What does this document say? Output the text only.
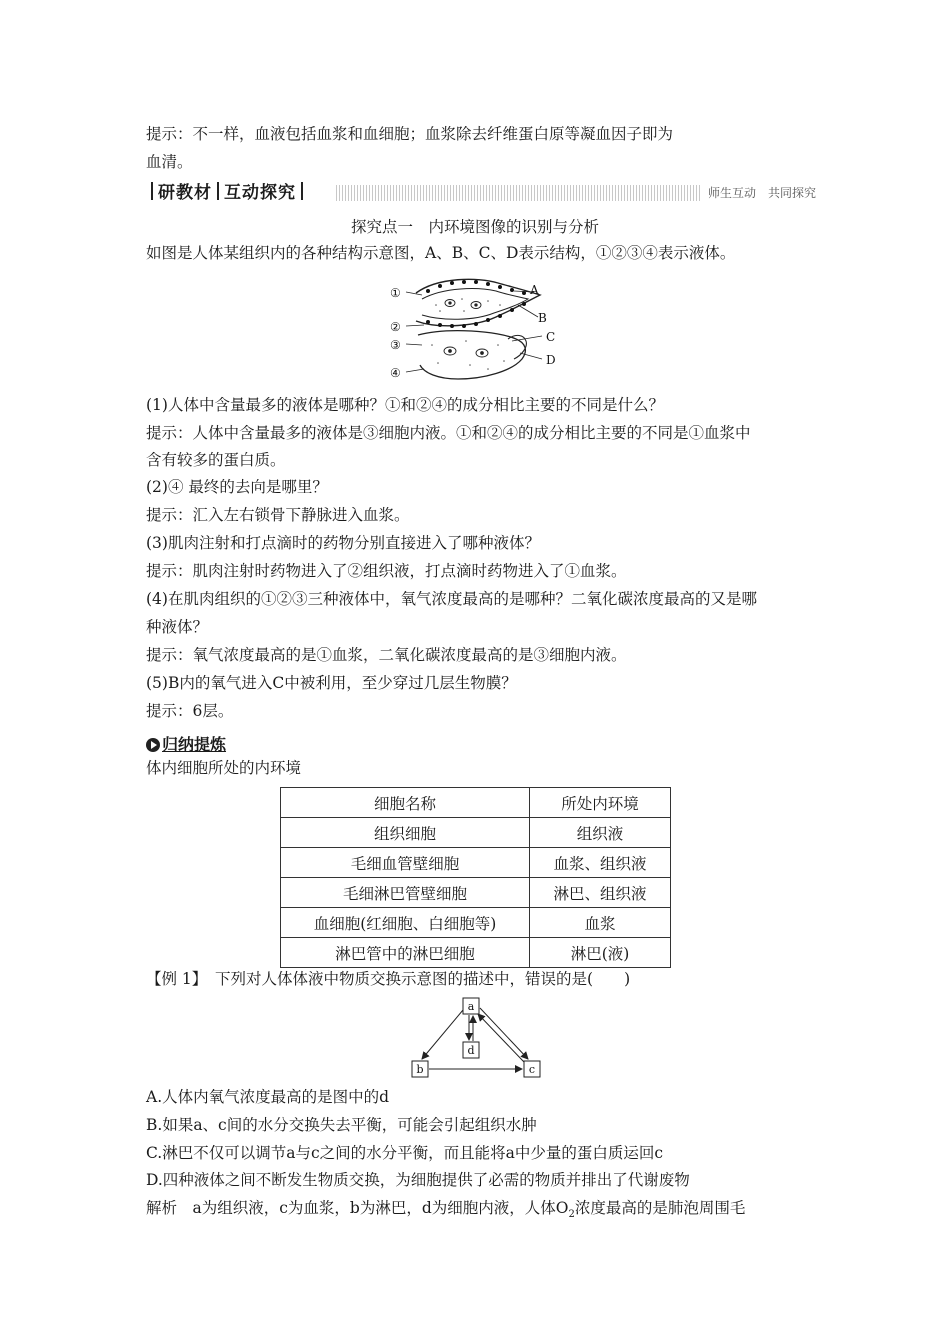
提示：不一样，血液包括血浆和血细胞；血浆除去纤维蛋白原等凝血因子即为
血清。
研教材 互动探究	师生互动　共同探究
探究点一　内环境图像的识别与分析
如图是人体某组织内的各种结构示意图，A、B、C、D表示结构，①②③④表示液体。
①
②
③
④
A
B
C
D
(1)人体中含量最多的液体是哪种？①和②④的成分相比主要的不同是什么？
提示：人体中含量最多的液体是③细胞内液。①和②④的成分相比主要的不同是①血浆中
含有较多的蛋白质。
(2)④ 最终的去向是哪里？
提示：汇入左右锁骨下静脉进入血浆。
(3)肌肉注射和打点滴时的药物分别直接进入了哪种液体？
提示：肌肉注射时药物进入了②组织液，打点滴时药物进入了①血浆。
(4)在肌肉组织的①②③三种液体中，氧气浓度最高的是哪种？二氧化碳浓度最高的又是哪
种液体？
提示：氧气浓度最高的是①血浆，二氧化碳浓度最高的是③细胞内液。
(5)B内的氧气进入C中被利用，至少穿过几层生物膜？
提示：6层。
归纳提炼
体内细胞所处的内环境
细胞名称	所处内环境
组织细胞	组织液
毛细血管壁细胞	血浆、组织液
毛细淋巴管壁细胞	淋巴、组织液
血细胞(红细胞、白细胞等)	血浆
淋巴管中的淋巴细胞	淋巴(液)
【例 1】　下列对人体体液中物质交换示意图的描述中，错误的是(　　)
a
d
b	c
A.人体内氧气浓度最高的是图中的d
B.如果a、c间的水分交换失去平衡，可能会引起组织水肿
C.淋巴不仅可以调节a与c之间的水分平衡，而且能将a中少量的蛋白质运回c
D.四种液体之间不断发生物质交换，为细胞提供了必需的物质并排出了代谢废物
解析　a为组织液，c为血浆，b为淋巴，d为细胞内液，人体$O_2$浓度最高的是肺泡周围毛
